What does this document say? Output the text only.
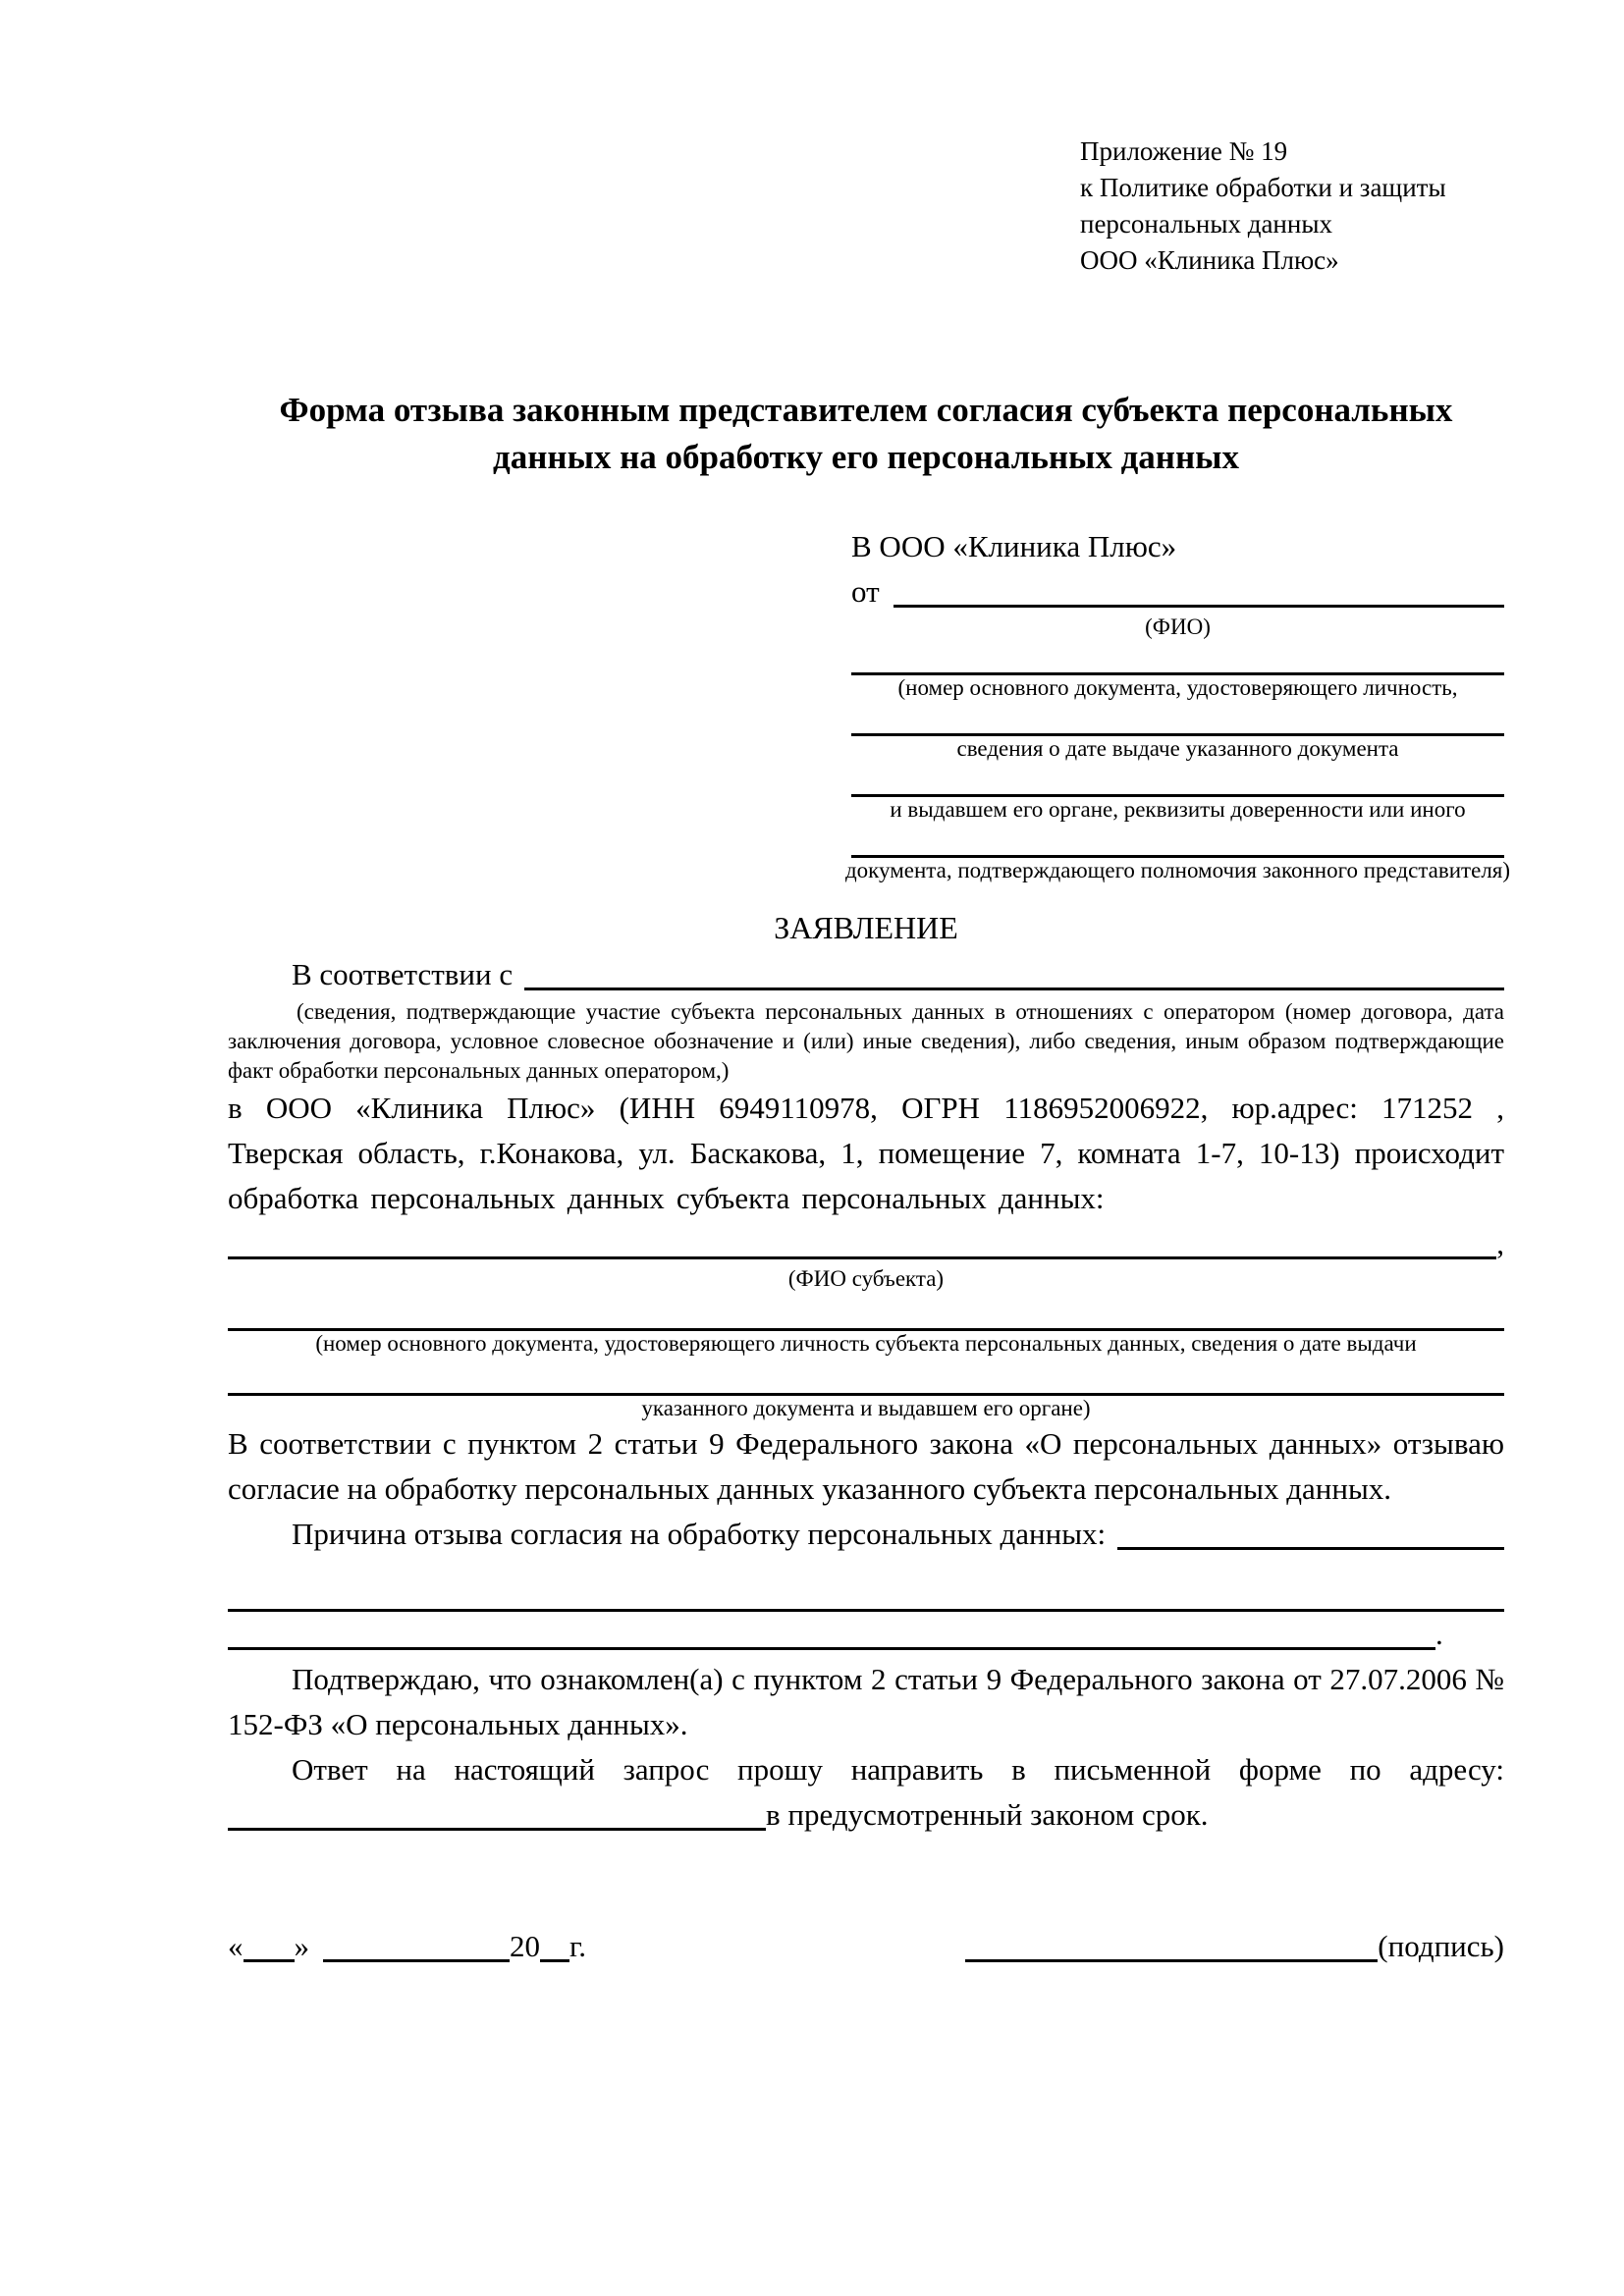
Приложение № 19
к Политике обработки и защиты
персональных данных
ООО «Клиника Плюс»
Форма отзыва законным представителем согласия субъекта персональных данных на обработку его персональных данных
В ООО «Клиника Плюс»
от
(ФИО)
(номер основного документа, удостоверяющего личность,
сведения о дате выдаче указанного документа
и выдавшем его органе, реквизиты доверенности или иного
документа, подтверждающего полномочия законного представителя)
ЗАЯВЛЕНИЕ
В соответствии с
(сведения, подтверждающие участие субъекта персональных данных в отношениях с оператором (номер договора, дата заключения договора, условное словесное обозначение и (или) иные сведения), либо сведения, иным образом подтверждающие факт обработки персональных данных оператором,)
в ООО «Клиника Плюс» (ИНН 6949110978, ОГРН 1186952006922, юр.адрес: 171252 , Тверская область, г.Конакова, ул. Баскакова, 1, помещение 7, комната 1-7, 10-13) происходит обработка персональных данных субъекта персональных данных:
,
(ФИО субъекта)
(номер основного документа, удостоверяющего личность субъекта персональных данных, сведения о дате выдачи
указанного документа и выдавшем его органе)
В соответствии с пунктом 2 статьи 9 Федерального закона «О персональных данных» отзываю согласие на обработку персональных данных указанного субъекта персональных данных.
Причина отзыва согласия на обработку персональных данных:
.
Подтверждаю, что ознакомлен(а) с пунктом 2 статьи 9 Федерального закона от 27.07.2006 № 152-ФЗ «О персональных данных».
Ответ на настоящий запрос прошу направить в письменной форме по адресу:
в предусмотренный законом срок.
« »	20 г.	(подпись)
